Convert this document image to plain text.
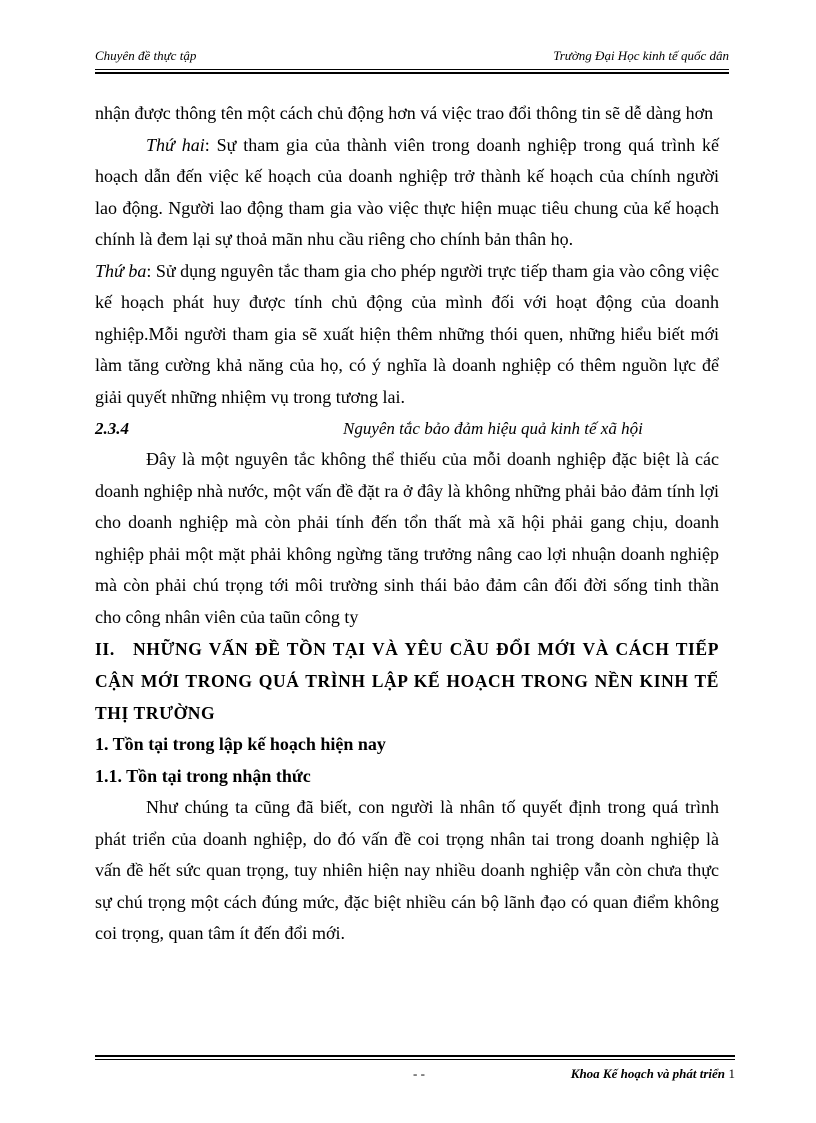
Chuyên đề thực tập	Trường Đại Học kinh tế quốc dân

nhận được thông tên một cách chủ động hơn vá việc trao đổi thông tin sẽ dễ dàng hơn

Thứ hai: Sự tham gia của thành viên trong doanh nghiệp trong quá trình kế hoạch dẫn đến việc kế hoạch của doanh nghiệp trở thành kế hoạch của chính người lao động. Người lao động tham gia vào việc thực hiện muạc tiêu chung của kế hoạch chính là đem lại sự thoả mãn nhu cầu riêng cho chính bản thân họ.

Thứ ba: Sử dụng nguyên tắc tham gia cho phép người trực tiếp tham gia vào công việc kế hoạch phát huy được tính chủ động của mình đối với hoạt động của doanh nghiệp.Mỗi người tham gia sẽ xuất hiện thêm những thói quen, những hiểu biết mới làm tăng cường khả năng của họ, có ý nghĩa là doanh nghiệp có thêm nguồn lực để giải quyết những nhiệm vụ trong tương lai.

2.3.4	Nguyên tắc bảo đảm hiệu quả kinh tế xã hội

Đây là một nguyên tắc không thể thiếu của mỗi doanh nghiệp đặc biệt là các doanh nghiệp nhà nước, một vấn đề đặt ra ở đây là không những phải bảo đảm tính lợi cho doanh nghiệp mà còn phải tính đến tổn thất mà xã hội phải gang chịu, doanh nghiệp phải một mặt phải không ngừng tăng trưởng nâng cao lợi nhuận doanh nghiệp mà còn phải chú trọng tới môi trường sinh thái bảo đảm cân đối đời sống tinh thần cho công nhân viên của taũn công ty

II. NHỮNG VẤN ĐỀ TỒN TẠI VÀ YÊU CẦU ĐỔI MỚI VÀ CÁCH TIẾP CẬN MỚI TRONG QUÁ TRÌNH LẬP KẾ HOẠCH TRONG NỀN KINH TẾ THỊ TRƯỜNG

1. Tồn tại trong lập kế hoạch hiện nay

1.1. Tồn tại trong nhận thức

Như chúng ta cũng đã biết, con người là nhân tố quyết định trong quá trình phát triển của doanh nghiệp, do đó vấn đề coi trọng nhân tai trong doanh nghiệp là vấn đề hết sức quan trọng, tuy nhiên hiện nay nhiều doanh nghiệp vẫn còn chưa thực sự chú trọng một cách đúng mức, đặc biệt nhiều cán bộ lãnh đạo có quan điểm không coi trọng, quan tâm ít đến đổi mới.

- -	Khoa Kế hoạch và phát triển 1
